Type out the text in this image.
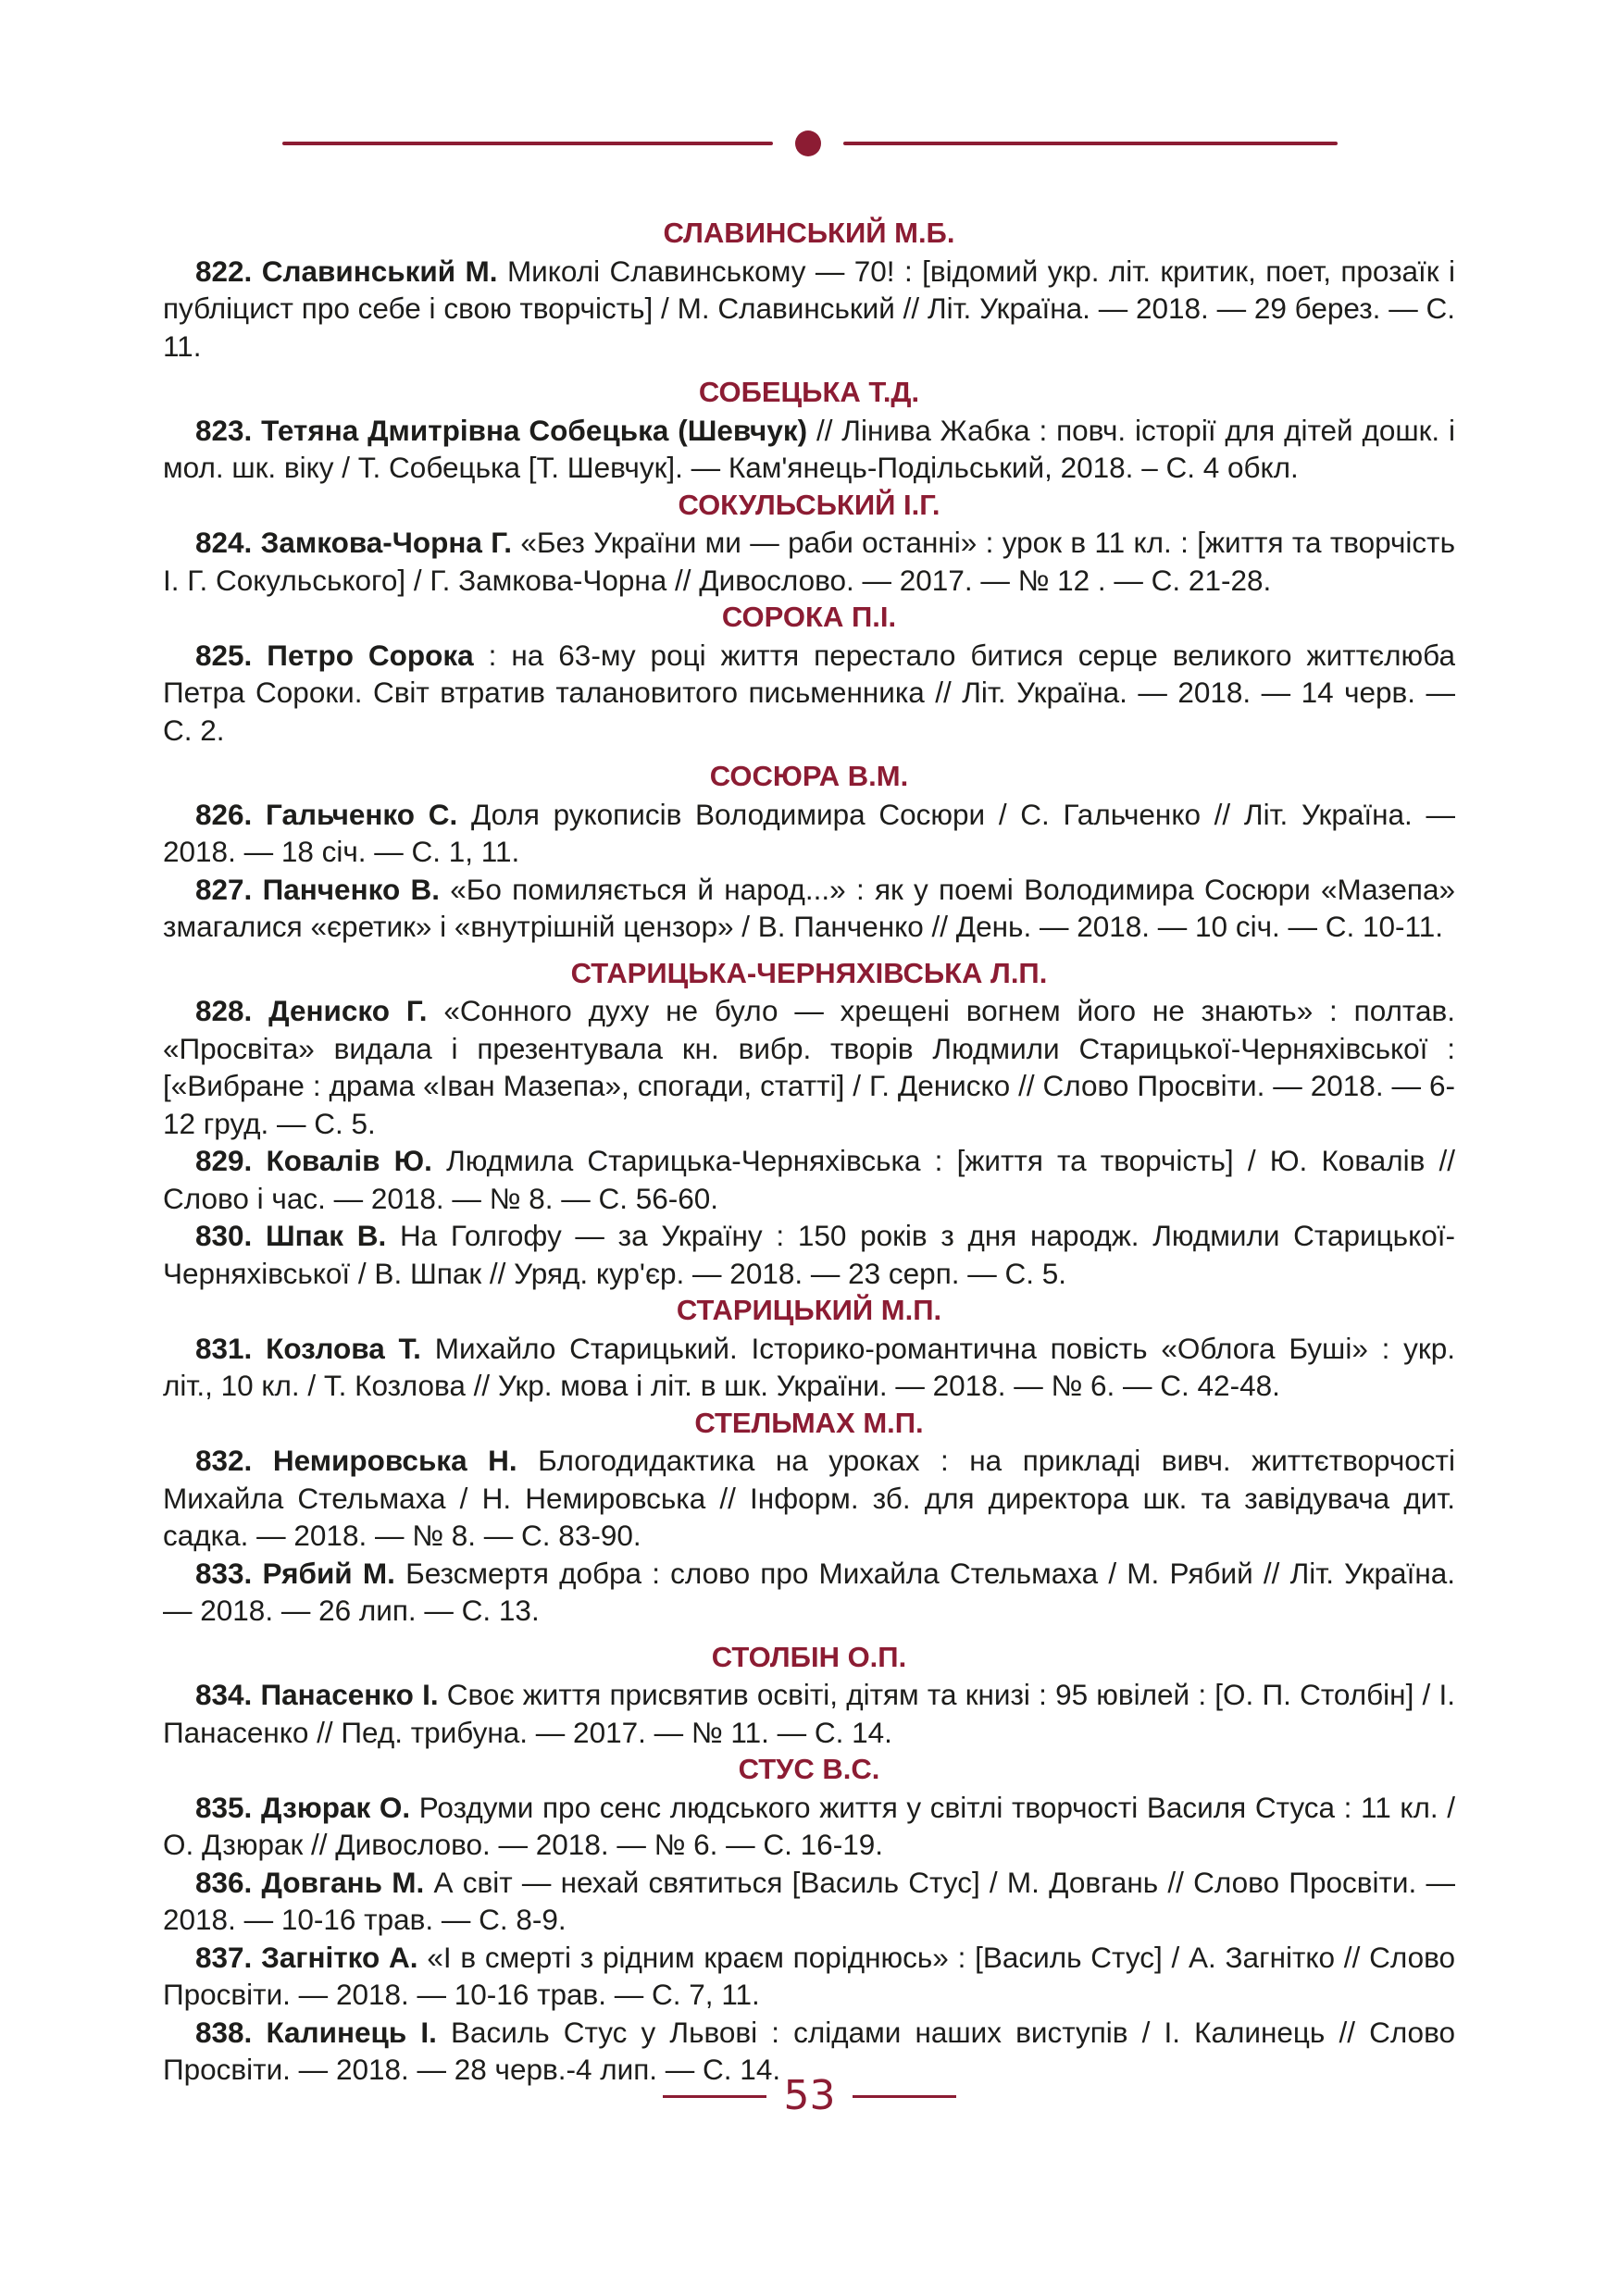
СЛАВИНСЬКИЙ М.Б.

822. Славинський М. Миколі Славинському — 70! : [відомий укр. літ. критик, поет, прозаїк і публіцист про себе і свою творчість] / М. Славинський // Літ. Україна. — 2018. — 29 берез. — С. 11.

СОБЕЦЬКА Т.Д.

823. Тетяна Дмитрівна Собецька (Шевчук) // Лінива Жабка : повч. історії для дітей дошк. і мол. шк. віку / Т. Собецька [Т. Шевчук]. — Кам'янець-Подільський, 2018. – С. 4 обкл.

СОКУЛЬСЬКИЙ І.Г.

824. Замкова-Чорна Г. «Без України ми — раби останні» : урок в 11 кл. : [життя та творчість І. Г. Сокульського] / Г. Замкова-Чорна // Дивослово. — 2017. — № 12 . — С. 21-28.

СОРОКА П.І.

825. Петро Сорока : на 63-му році життя перестало битися серце великого життєлюба Петра Сороки. Світ втратив талановитого письменника // Літ. Україна. — 2018. — 14 черв. — С. 2.

СОСЮРА В.М.

826. Гальченко С. Доля рукописів Володимира Сосюри / С. Гальченко // Літ. Україна. — 2018. — 18 січ. — С. 1, 11.

827. Панченко В. «Бо помиляється й народ...» : як у поемі Володимира Сосюри «Мазепа» змагалися «єретик» і «внутрішній цензор» / В. Панченко // День. — 2018. — 10 січ. — С. 10-11.

СТАРИЦЬКА-ЧЕРНЯХІВСЬКА Л.П.

828. Дениско Г. «Сонного духу не було — хрещені вогнем його не знають» : полтав. «Просвіта» видала і презентувала кн. вибр. творів Людмили Старицької-Черняхівської : [«Вибране : драма «Іван Мазепа», спогади, статті] / Г. Дениско // Слово Просвіти. — 2018. — 6-12 груд. — С. 5.

829. Ковалів Ю. Людмила Старицька-Черняхівська : [життя та творчість] / Ю. Ковалів // Слово і час. — 2018. — № 8. — С. 56-60.

830. Шпак В. На Голгофу — за Україну : 150 років з дня народж. Людмили Старицької-Черняхівської / В. Шпак // Уряд. кур'єр. — 2018. — 23 серп. — С. 5.

СТАРИЦЬКИЙ М.П.

831. Козлова Т. Михайло Старицький. Історико-романтична повість «Облога Буші» : укр. літ., 10 кл. / Т. Козлова // Укр. мова і літ. в шк. України. — 2018. — № 6. — С. 42-48.

СТЕЛЬМАХ М.П.

832. Немировська Н. Блогодидактика на уроках : на прикладі вивч. життєтворчості Михайла Стельмаха / Н. Немировська // Інформ. зб. для директора шк. та завідувача дит. садка. — 2018. — № 8. — С. 83-90.

833. Рябий М. Безсмертя добра : слово про Михайла Стельмаха / М. Рябий // Літ. Україна. — 2018. — 26 лип. — С. 13.

СТОЛБІН О.П.

834. Панасенко І. Своє життя присвятив освіті, дітям та книзі : 95 ювілей : [О. П. Столбін] / І. Панасенко // Пед. трибуна. — 2017. — № 11. — С. 14.

СТУС В.С.

835. Дзюрак О. Роздуми про сенс людського життя у світлі творчості Василя Стуса : 11 кл. / О. Дзюрак // Дивослово. — 2018. — № 6. — С. 16-19.

836. Довгань М. А світ — нехай святиться [Василь Стус] / М. Довгань // Слово Просвіти. — 2018. — 10-16 трав. — С. 8-9.

837. Загнітко А. «І в смерті з рідним краєм поріднюсь» : [Василь Стус] / А. Загнітко // Слово Просвіти. — 2018. — 10-16 трав. — С. 7, 11.

838. Калинець І. Василь Стус у Львові : слідами наших виступів / І. Калинець // Слово Просвіти. — 2018. — 28 черв.-4 лип. — С. 14.

53
